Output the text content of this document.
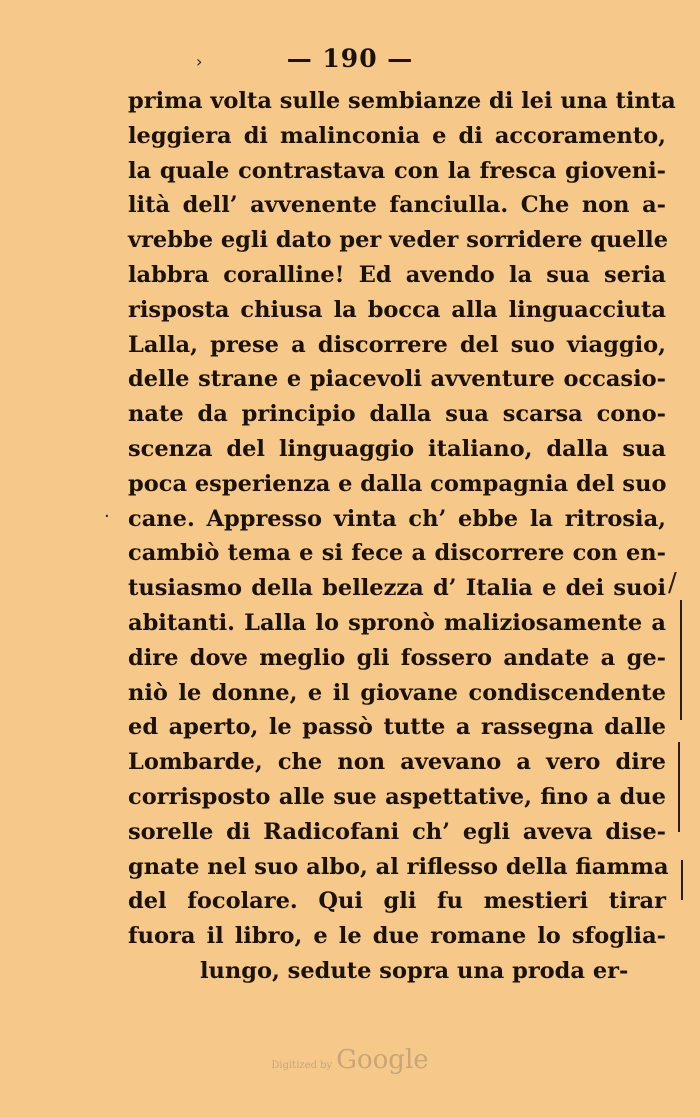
— 190 —
prima volta sulle sembianze di lei una tinta
leggiera di malinconia e di accoramento,
la quale contrastava con la fresca gioveni-
lità dell’ avvenente fanciulla. Che non a-
vrebbe egli dato per veder sorridere quelle
labbra coralline! Ed avendo la sua seria
risposta chiusa la bocca alla linguacciuta
Lalla, prese a discorrere del suo viaggio,
delle strane e piacevoli avventure occasio-
nate da principio dalla sua scarsa cono-
scenza del linguaggio italiano, dalla sua
poca esperienza e dalla compagnia del suo
cane. Appresso vinta ch’ ebbe la ritrosia,
cambiò tema e si fece a discorrere con en-
tusiasmo della bellezza d’ Italia e dei suoi
abitanti. Lalla lo spronò maliziosamente a
dire dove meglio gli fossero andate a ge-
niò le donne, e il giovane condiscendente
ed aperto, le passò tutte a rassegna dalle
Lombarde, che non avevano a vero dire
corrisposto alle sue aspettative, fino a due
sorelle di Radicofani ch’ egli aveva dise-
gnate nel suo albo, al riflesso della fiamma
del focolare. Qui gli fu mestieri tirar
fuora il libro, e le due romane lo sfoglia-
lungo, sedute sopra una proda er-
›
·
/
Digitized by Google
